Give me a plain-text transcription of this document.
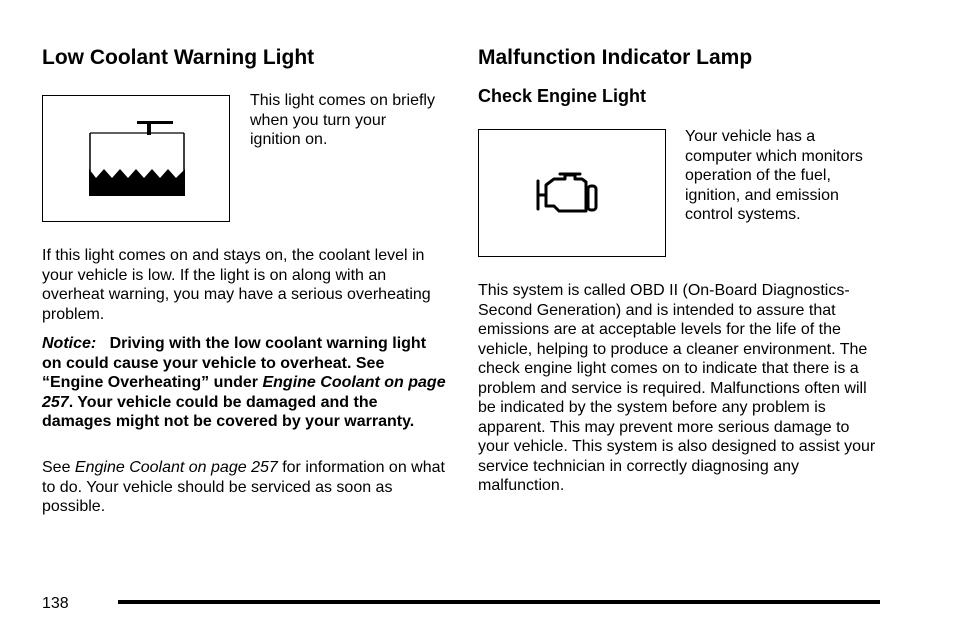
Low Coolant Warning Light

This light comes on briefly when you turn your ignition on.

If this light comes on and stays on, the coolant level in your vehicle is low. If the light is on along with an overheat warning, you may have a serious overheating problem.

Notice: Driving with the low coolant warning light on could cause your vehicle to overheat. See “Engine Overheating” under Engine Coolant on page 257. Your vehicle could be damaged and the damages might not be covered by your warranty.

See Engine Coolant on page 257 for information on what to do. Your vehicle should be serviced as soon as possible.

Malfunction Indicator Lamp
Check Engine Light

Your vehicle has a computer which monitors operation of the fuel, ignition, and emission control systems.

This system is called OBD II (On-Board Diagnostics-Second Generation) and is intended to assure that emissions are at acceptable levels for the life of the vehicle, helping to produce a cleaner environment. The check engine light comes on to indicate that there is a problem and service is required. Malfunctions often will be indicated by the system before any problem is apparent. This may prevent more serious damage to your vehicle. This system is also designed to assist your service technician in correctly diagnosing any malfunction.

138
